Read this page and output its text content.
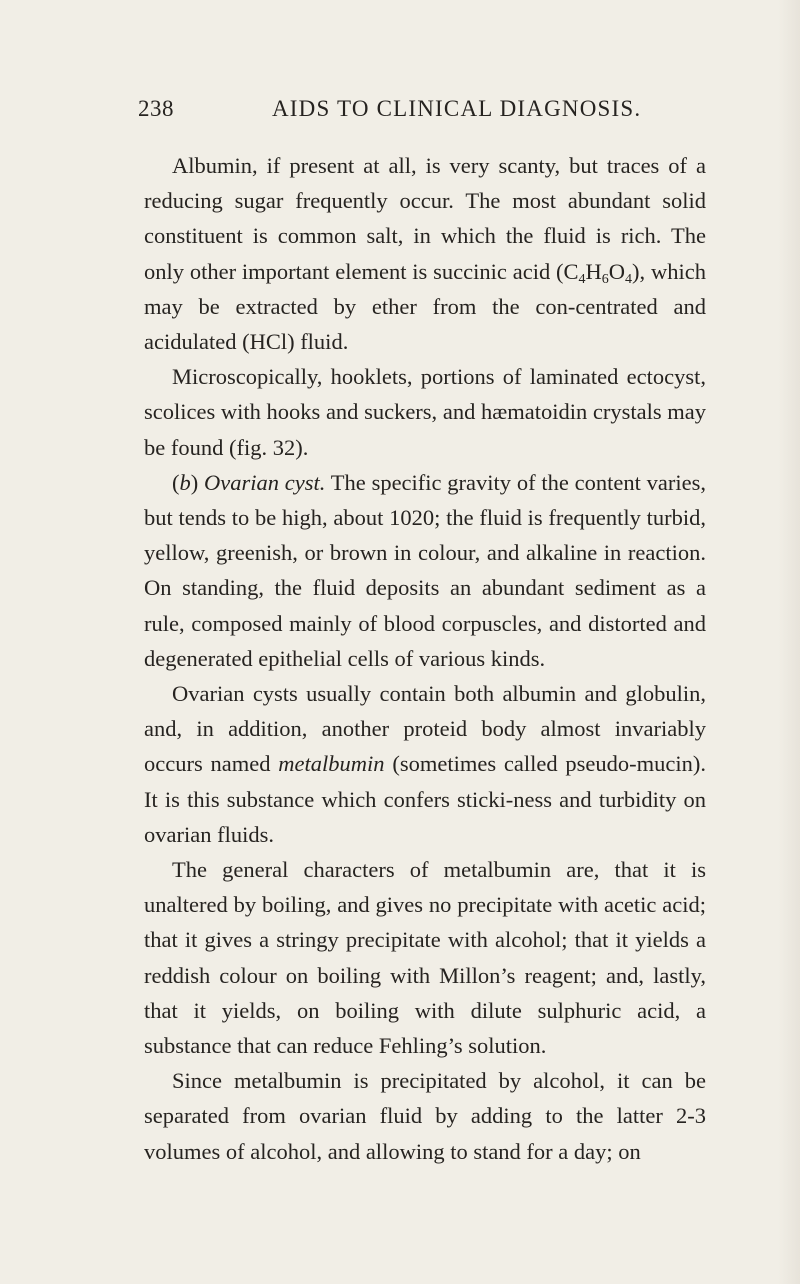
238	AIDS TO CLINICAL DIAGNOSIS.

Albumin, if present at all, is very scanty, but traces of a reducing sugar frequently occur. The most abundant solid constituent is common salt, in which the fluid is rich. The only other important element is succinic acid $(C_4H_6O_4)$, which may be extracted by ether from the con-centrated and acidulated (HCl) fluid.

Microscopically, hooklets, portions of laminated ectocyst, scolices with hooks and suckers, and hæmatoidin crystals may be found (fig. 32).

(b) Ovarian cyst. The specific gravity of the content varies, but tends to be high, about 1020; the fluid is frequently turbid, yellow, greenish, or brown in colour, and alkaline in reaction. On standing, the fluid deposits an abundant sediment as a rule, composed mainly of blood corpuscles, and distorted and degenerated epithelial cells of various kinds.

Ovarian cysts usually contain both albumin and globulin, and, in addition, another proteid body almost invariably occurs named metalbumin (sometimes called pseudo-mucin). It is this substance which confers sticki-ness and turbidity on ovarian fluids.

The general characters of metalbumin are, that it is unaltered by boiling, and gives no precipitate with acetic acid; that it gives a stringy precipitate with alcohol; that it yields a reddish colour on boiling with Millon’s reagent; and, lastly, that it yields, on boiling with dilute sulphuric acid, a substance that can reduce Fehling’s solution.

Since metalbumin is precipitated by alcohol, it can be separated from ovarian fluid by adding to the latter 2-3 volumes of alcohol, and allowing to stand for a day; on
